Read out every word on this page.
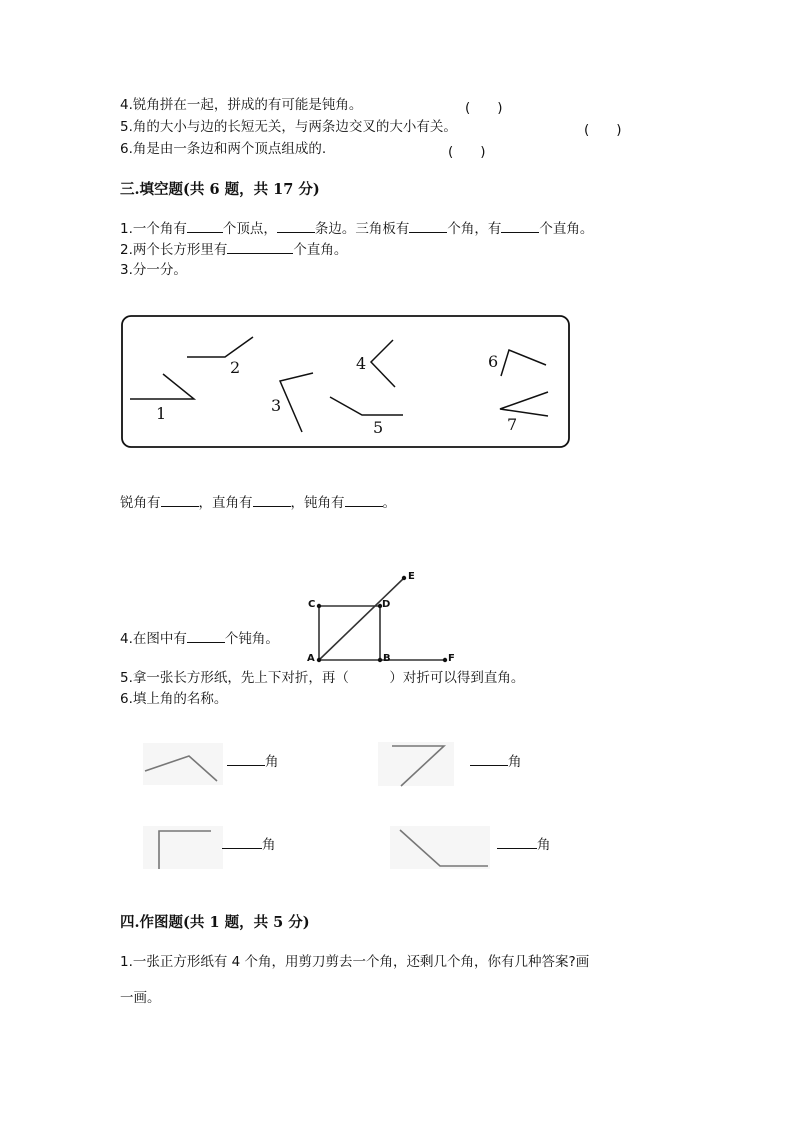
4.锐角拼在一起，拼成的有可能是钝角。	(　　)
5.角的大小与边的长短无关，与两条边交叉的大小有关。	(　　)
6.角是由一条边和两个顶点组成的.	(　　)
三.填空题(共 6 题，共 17 分)
1.一个角有	个顶点，	条边。三角板有	个角，有	个直角。
2.两个长方形里有	个直角。
3.分一分。
1
2
3
4
5
6
7
锐角有	，直角有	，钝角有	。
A	B
C	D
E
F
4.在图中有	个钝角。
5.拿一张长方形纸，先上下对折，再（　　　）对折可以得到直角。
6.填上角的名称。
角	角
角	角
四.作图题(共 1 题，共 5 分)
1.一张正方形纸有 4 个角，用剪刀剪去一个角，还剩几个角，你有几种答案?画
一画。
